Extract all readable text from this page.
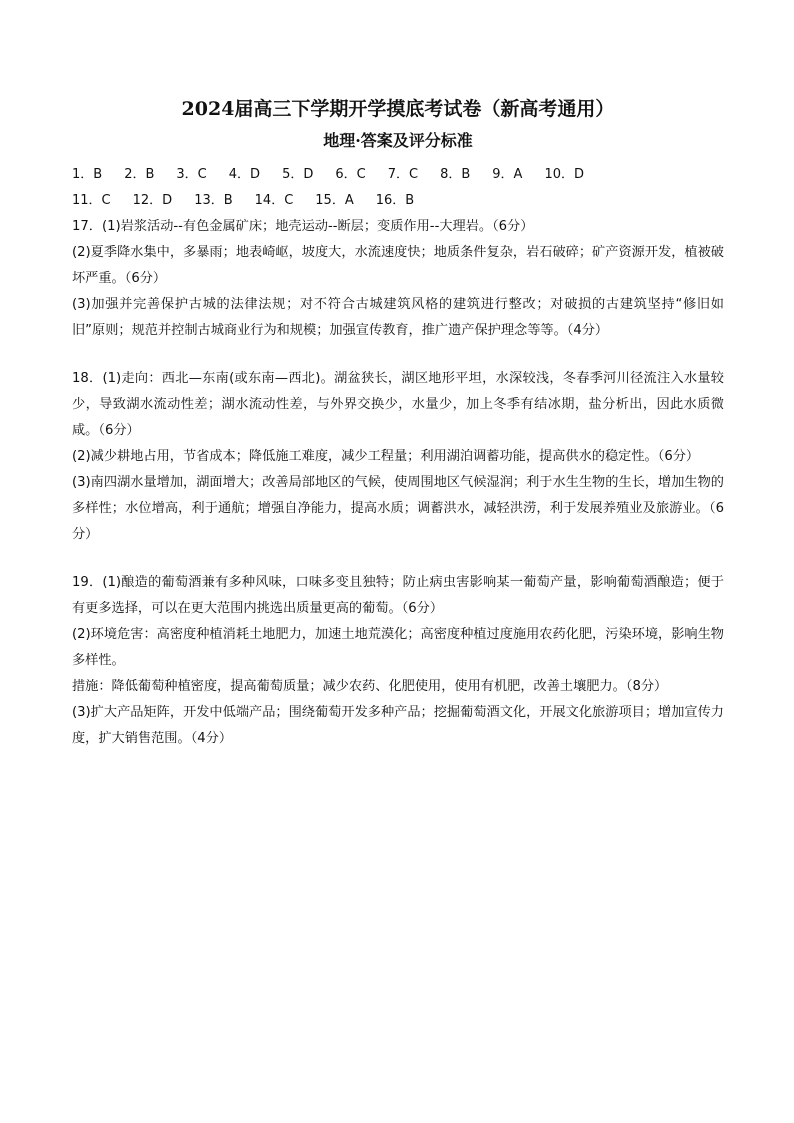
2024届高三下学期开学摸底考试卷（新高考通用）
地理·答案及评分标准
1．B 2．B 3．C 4．D 5．D 6．C 7．C 8．B 9．A 10．D
11．C 12．D 13．B 14．C 15．A 16．B

17．(1)岩浆活动--有色金属矿床；地壳运动--断层；变质作用--大理岩。（6分）

(2)夏季降水集中，多暴雨；地表崎岖，坡度大，水流速度快；地质条件复杂，岩石破碎；矿产资源开发，植被破坏严重。（6分）

(3)加强并完善保护古城的法律法规；对不符合古城建筑风格的建筑进行整改；对破损的古建筑坚持“修旧如旧”原则；规范并控制古城商业行为和规模；加强宣传教育，推广遗产保护理念等等。（4分）

18．(1)走向：西北—东南(或东南—西北)。湖盆狭长，湖区地形平坦，水深较浅，冬春季河川径流注入水量较少，导致湖水流动性差；湖水流动性差，与外界交换少，水量少，加上冬季有结冰期，盐分析出，因此水质微咸。（6分）

(2)减少耕地占用，节省成本；降低施工难度，减少工程量；利用湖泊调蓄功能，提高供水的稳定性。（6分）

(3)南四湖水量增加，湖面增大；改善局部地区的气候，使周围地区气候湿润；利于水生生物的生长，增加生物的多样性；水位增高，利于通航；增强自净能力，提高水质；调蓄洪水，减轻洪涝，利于发展养殖业及旅游业。（6分）

19．(1)酿造的葡萄酒兼有多种风味，口味多变且独特；防止病虫害影响某一葡萄产量，影响葡萄酒酿造；便于有更多选择，可以在更大范围内挑选出质量更高的葡萄。（6分）

(2)环境危害：高密度种植消耗土地肥力，加速土地荒漠化；高密度种植过度施用农药化肥，污染环境，影响生物多样性。

措施：降低葡萄种植密度，提高葡萄质量；减少农药、化肥使用，使用有机肥，改善土壤肥力。（8分）

(3)扩大产品矩阵，开发中低端产品；围绕葡萄开发多种产品；挖掘葡萄酒文化，开展文化旅游项目；增加宣传力度，扩大销售范围。（4分）
